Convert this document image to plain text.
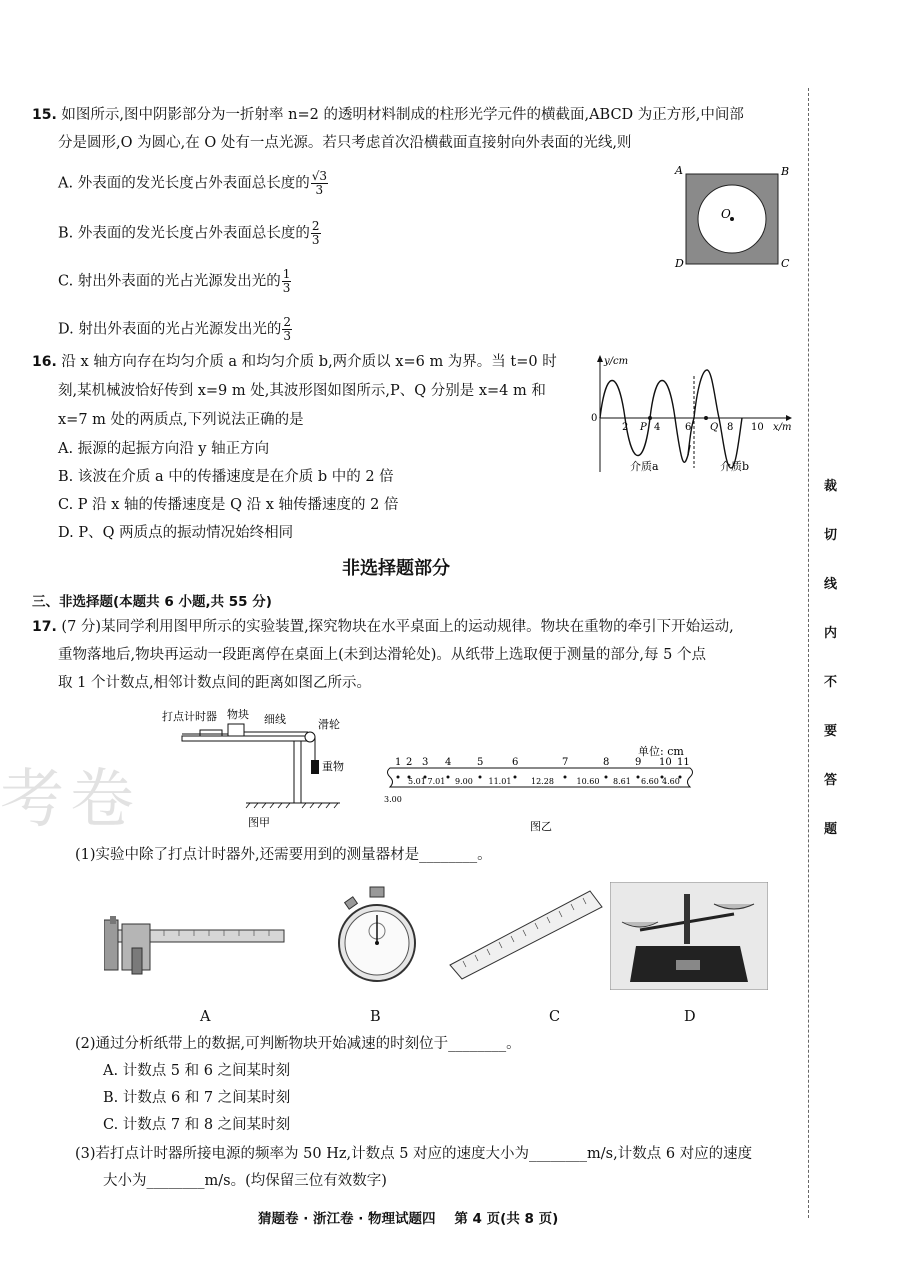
15. 如图所示,图中阴影部分为一折射率 n=2 的透明材料制成的柱形光学元件的横截面,ABCD 为正方形,中间部
分是圆形,O 为圆心,在 O 处有一点光源。若只考虑首次沿横截面直接射向外表面的光线,则
A. 外表面的发光长度占外表面总长度的 $\frac{√3}{3}$
B. 外表面的发光长度占外表面总长度的 $\frac{2}{3}$
C. 射出外表面的光占光源发出光的 $\frac{1}{3}$
D. 射出外表面的光占光源发出光的 $\frac{2}{3}$
O
A	B
C
D
16. 沿 x 轴方向存在均匀介质 a 和均匀介质 b,两介质以 x=6 m 为界。当 t=0 时
刻,某机械波恰好传到 x=9 m 处,其波形图如图所示,P、Q 分别是 x=4 m 和
x=7 m 处的两质点,下列说法正确的是
A. 振源的起振方向沿 y 轴正方向
B. 该波在介质 a 中的传播速度是在介质 b 中的 2 倍
C. P 沿 x 轴的传播速度是 Q 沿 x 轴传播速度的 2 倍
D. P、Q 两质点的振动情况始终相同
y/cm
x/m
0
2 P 4 6 Q 8 10
介质a	介质b
非选择题部分
三、非选择题(本题共 6 小题,共 55 分)
17. (7 分)某同学利用图甲所示的实验装置,探究物块在水平桌面上的运动规律。物块在重物的牵引下开始运动,
重物落地后,物块再运动一段距离停在桌面上(未到达滑轮处)。从纸带上选取便于测量的部分,每 5 个点
取 1 个计数点,相邻计数点间的距离如图乙所示。
打点计时器 物块 细线	滑轮
重物
图甲
单位: cm
1 2 3 4	5	6	7	8	9 10 11
3.00
5.01 7.01 9.00 11.01 12.28	10.60 8.61 6.60 4.60
图乙
(1)实验中除了打点计时器外,还需要用到的测量器材是________。
A	B	C	D
(2)通过分析纸带上的数据,可判断物块开始减速的时刻位于________。
A. 计数点 5 和 6 之间某时刻
B. 计数点 6 和 7 之间某时刻
C. 计数点 7 和 8 之间某时刻
(3)若打点计时器所接电源的频率为 50 Hz,计数点 5 对应的速度大小为________m/s,计数点 6 对应的速度
大小为________m/s。(均保留三位有效数字)
猜题卷 · 浙江卷 · 物理试题四    第 4 页(共 8 页)
裁
切
线
内
不
要
答
题
考卷
